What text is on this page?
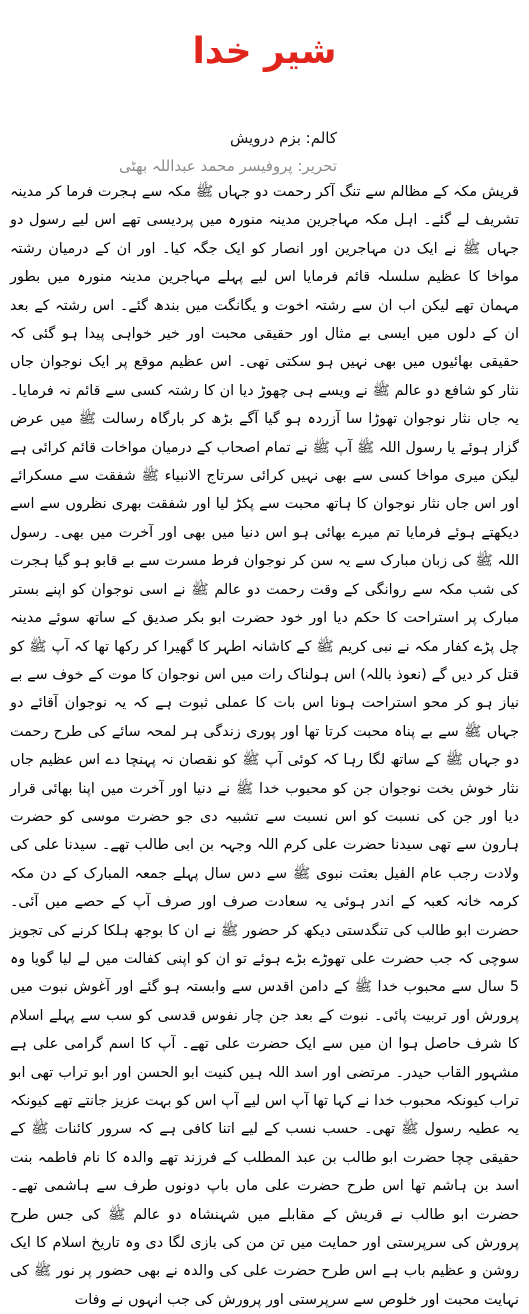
شیر خدا
کالم: بزم درویش
تحریر: پروفیسر محمد عبداللہ بھٹی

قریش مکہ کے مظالم سے تنگ آکر رحمت دو جہاں ﷺ مکہ سے ہجرت فرما کر مدینہ تشریف لے گئے۔ اہل مکہ مہاجرین مدینہ منورہ میں پردیسی تھے اس لیے رسول دو جہاں ﷺ نے ایک دن مہاجرین اور انصار کو ایک جگہ کیا۔ اور ان کے درمیان رشتہ مواخا کا عظیم سلسلہ قائم فرمایا اس لیے پہلے مہاجرین مدینہ منورہ میں بطور مہمان تھے لیکن اب ان سے رشتہ اخوت و یگانگت میں بندھ گئے۔ اس رشتہ کے بعد ان کے دلوں میں ایسی بے مثال اور حقیقی محبت اور خیر خواہی پیدا ہو گئی کہ حقیقی بھائیوں میں بھی نہیں ہو سکتی تھی۔ اس عظیم موقع پر ایک نوجوان جاں نثار کو شافع دو عالم ﷺ نے ویسے ہی چھوڑ دیا ان کا رشتہ کسی سے قائم نہ فرمایا۔ یہ جاں نثار نوجوان تھوڑا سا آزردہ ہو گیا آگے بڑھ کر بارگاہ رسالت ﷺ میں عرض گزار ہوئے یا رسول اللہ ﷺ آپ ﷺ نے تمام اصحاب کے درمیان مواخات قائم کرائی ہے لیکن میری مواخا کسی سے بھی نہیں کرائی سرتاج الانبیاء ﷺ شفقت سے مسکرائے اور اس جاں نثار نوجوان کا ہاتھ محبت سے پکڑ لیا اور شفقت بھری نظروں سے اسے دیکھتے ہوئے فرمایا تم میرے بھائی ہو اس دنیا میں بھی اور آخرت میں بھی۔ رسول اللہ ﷺ کی زبان مبارک سے یہ سن کر نوجوان فرط مسرت سے بے قابو ہو گیا ہجرت کی شب مکہ سے روانگی کے وقت رحمت دو عالم ﷺ نے اسی نوجوان کو اپنے بستر مبارک پر استراحت کا حکم دیا اور خود حضرت ابو بکر صدیق کے ساتھ سوئے مدینہ چل پڑے کفار مکہ نے نبی کریم ﷺ کے کاشانہ اطہر کا گھیرا کر رکھا تھا کہ آپ ﷺ کو قتل کر دیں گے (نعوذ باللہ) اس ہولناک رات میں اس نوجوان کا موت کے خوف سے بے نیاز ہو کر محو استراحت ہونا اس بات کا عملی ثبوت ہے کہ یہ نوجوان آقائے دو جہاں ﷺ سے بے پناہ محبت کرتا تھا اور پوری زندگی ہر لمحہ سائے کی طرح رحمت دو جہاں ﷺ کے ساتھ لگا رہا کہ کوئی آپ ﷺ کو نقصان نہ پہنچا دے اس عظیم جاں نثار خوش بخت نوجوان جن کو محبوب خدا ﷺ نے دنیا اور آخرت میں اپنا بھائی قرار دیا اور جن کی نسبت کو اس نسبت سے تشبیہ دی جو حضرت موسی کو حضرت ہارون سے تھی سیدنا حضرت علی کرم اللہ وجہہ بن ابی طالب تھے۔ سیدنا علی کی ولادت رجب عام الفیل بعثت نبوی ﷺ سے دس سال پہلے جمعہ المبارک کے دن مکہ کرمہ خانہ کعبہ کے اندر ہوئی یہ سعادت صرف اور صرف آپ کے حصے میں آئی۔ حضرت ابو طالب کی تنگدستی دیکھ کر حضور ﷺ نے ان کا بوجھ ہلکا کرنے کی تجویز سوچی کہ جب حضرت علی تھوڑے بڑے ہوئے تو ان کو اپنی کفالت میں لے لیا گویا وہ 5 سال سے محبوب خدا ﷺ کے دامن اقدس سے وابستہ ہو گئے اور آغوش نبوت میں پرورش اور تربیت پائی۔ نبوت کے بعد جن چار نفوس قدسی کو سب سے پہلے اسلام کا شرف حاصل ہوا ان میں سے ایک حضرت علی تھے۔ آپ کا اسم گرامی علی ہے مشہور القاب حیدر۔ مرتضی اور اسد اللہ ہیں کنیت ابو الحسن اور ابو تراب تھی ابو تراب کیونکہ محبوب خدا نے کہا تھا آپ اس لیے آپ اس کو بہت عزیز جانتے تھے کیونکہ یہ عطیہ رسول ﷺ تھی۔ حسب نسب کے لیے اتنا کافی ہے کہ سرور کائنات ﷺ کے حقیقی چچا حضرت ابو طالب بن عبد المطلب کے فرزند تھے والدہ کا نام فاطمہ بنت اسد بن ہاشم تھا اس طرح حضرت علی ماں باپ دونوں طرف سے ہاشمی تھے۔ حضرت ابو طالب نے قریش کے مقابلے میں شہنشاہ دو عالم ﷺ کی جس طرح پرورش کی سرپرستی اور حمایت میں تن من کی بازی لگا دی وہ تاریخ اسلام کا ایک روشن و عظیم باب ہے اس طرح حضرت علی کی والدہ نے بھی حضور پر نور ﷺ کی نہایت محبت اور خلوص سے سرپرستی اور پرورش کی جب انہوں نے وفات
